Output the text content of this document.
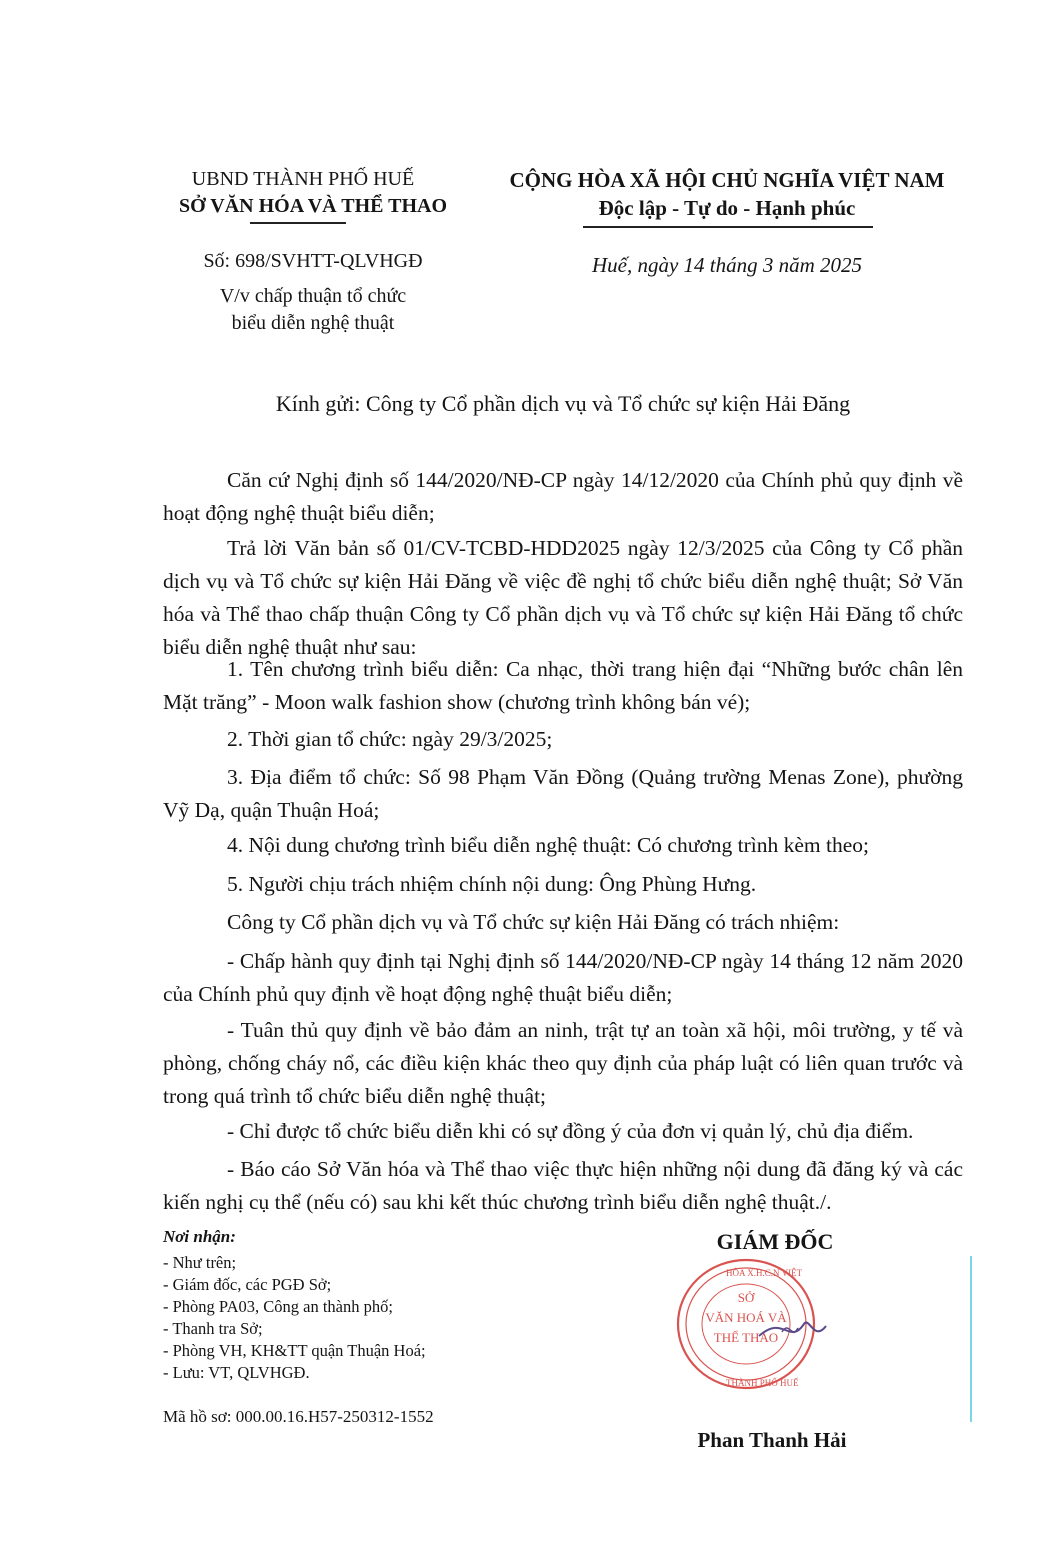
UBND THÀNH PHỐ HUẾ
SỞ VĂN HÓA VÀ THỂ THAO
CỘNG HÒA XÃ HỘI CHỦ NGHĨA VIỆT NAM
Độc lập - Tự do - Hạnh phúc
Số: 698/SVHTT-QLVHGĐ	Huế, ngày 14 tháng 3 năm 2025
V/v chấp thuận tổ chức
biểu diễn nghệ thuật
Kính gửi: Công ty Cổ phần dịch vụ và Tổ chức sự kiện Hải Đăng
Căn cứ Nghị định số 144/2020/NĐ-CP ngày 14/12/2020 của Chính phủ quy định về hoạt động nghệ thuật biểu diễn;
Trả lời Văn bản số 01/CV-TCBD-HDD2025 ngày 12/3/2025 của Công ty Cổ phần dịch vụ và Tổ chức sự kiện Hải Đăng về việc đề nghị tổ chức biểu diễn nghệ thuật; Sở Văn hóa và Thể thao chấp thuận Công ty Cổ phần dịch vụ và Tổ chức sự kiện Hải Đăng tổ chức biểu diễn nghệ thuật như sau:
1. Tên chương trình biểu diễn: Ca nhạc, thời trang hiện đại “Những bước chân lên Mặt trăng” - Moon walk fashion show (chương trình không bán vé);
2. Thời gian tổ chức: ngày 29/3/2025;
3. Địa điểm tổ chức: Số 98 Phạm Văn Đồng (Quảng trường Menas Zone), phường Vỹ Dạ, quận Thuận Hoá;
4. Nội dung chương trình biểu diễn nghệ thuật: Có chương trình kèm theo;
5. Người chịu trách nhiệm chính nội dung: Ông Phùng Hưng.
Công ty Cổ phần dịch vụ và Tổ chức sự kiện Hải Đăng có trách nhiệm:
- Chấp hành quy định tại Nghị định số 144/2020/NĐ-CP ngày 14 tháng 12 năm 2020 của Chính phủ quy định về hoạt động nghệ thuật biểu diễn;
- Tuân thủ quy định về bảo đảm an ninh, trật tự an toàn xã hội, môi trường, y tế và phòng, chống cháy nổ, các điều kiện khác theo quy định của pháp luật có liên quan trước và trong quá trình tổ chức biểu diễn nghệ thuật;
- Chỉ được tổ chức biểu diễn khi có sự đồng ý của đơn vị quản lý, chủ địa điểm.
- Báo cáo Sở Văn hóa và Thể thao việc thực hiện những nội dung đã đăng ký và các kiến nghị cụ thể (nếu có) sau khi kết thúc chương trình biểu diễn nghệ thuật./.
Nơi nhận:
- Như trên;
- Giám đốc, các PGĐ Sở;
- Phòng PA03, Công an thành phố;
- Thanh tra Sở;
- Phòng VH, KH&TT quận Thuận Hoá;
- Lưu: VT, QLVHGĐ.
Mã hồ sơ: 000.00.16.H57-250312-1552
GIÁM ĐỐC
SỞ
VĂN HOÁ VÀ
THỂ THAO
HÒA X.H.C.N VIỆT
THÀNH PHỐ HUẾ
Phan Thanh Hải
